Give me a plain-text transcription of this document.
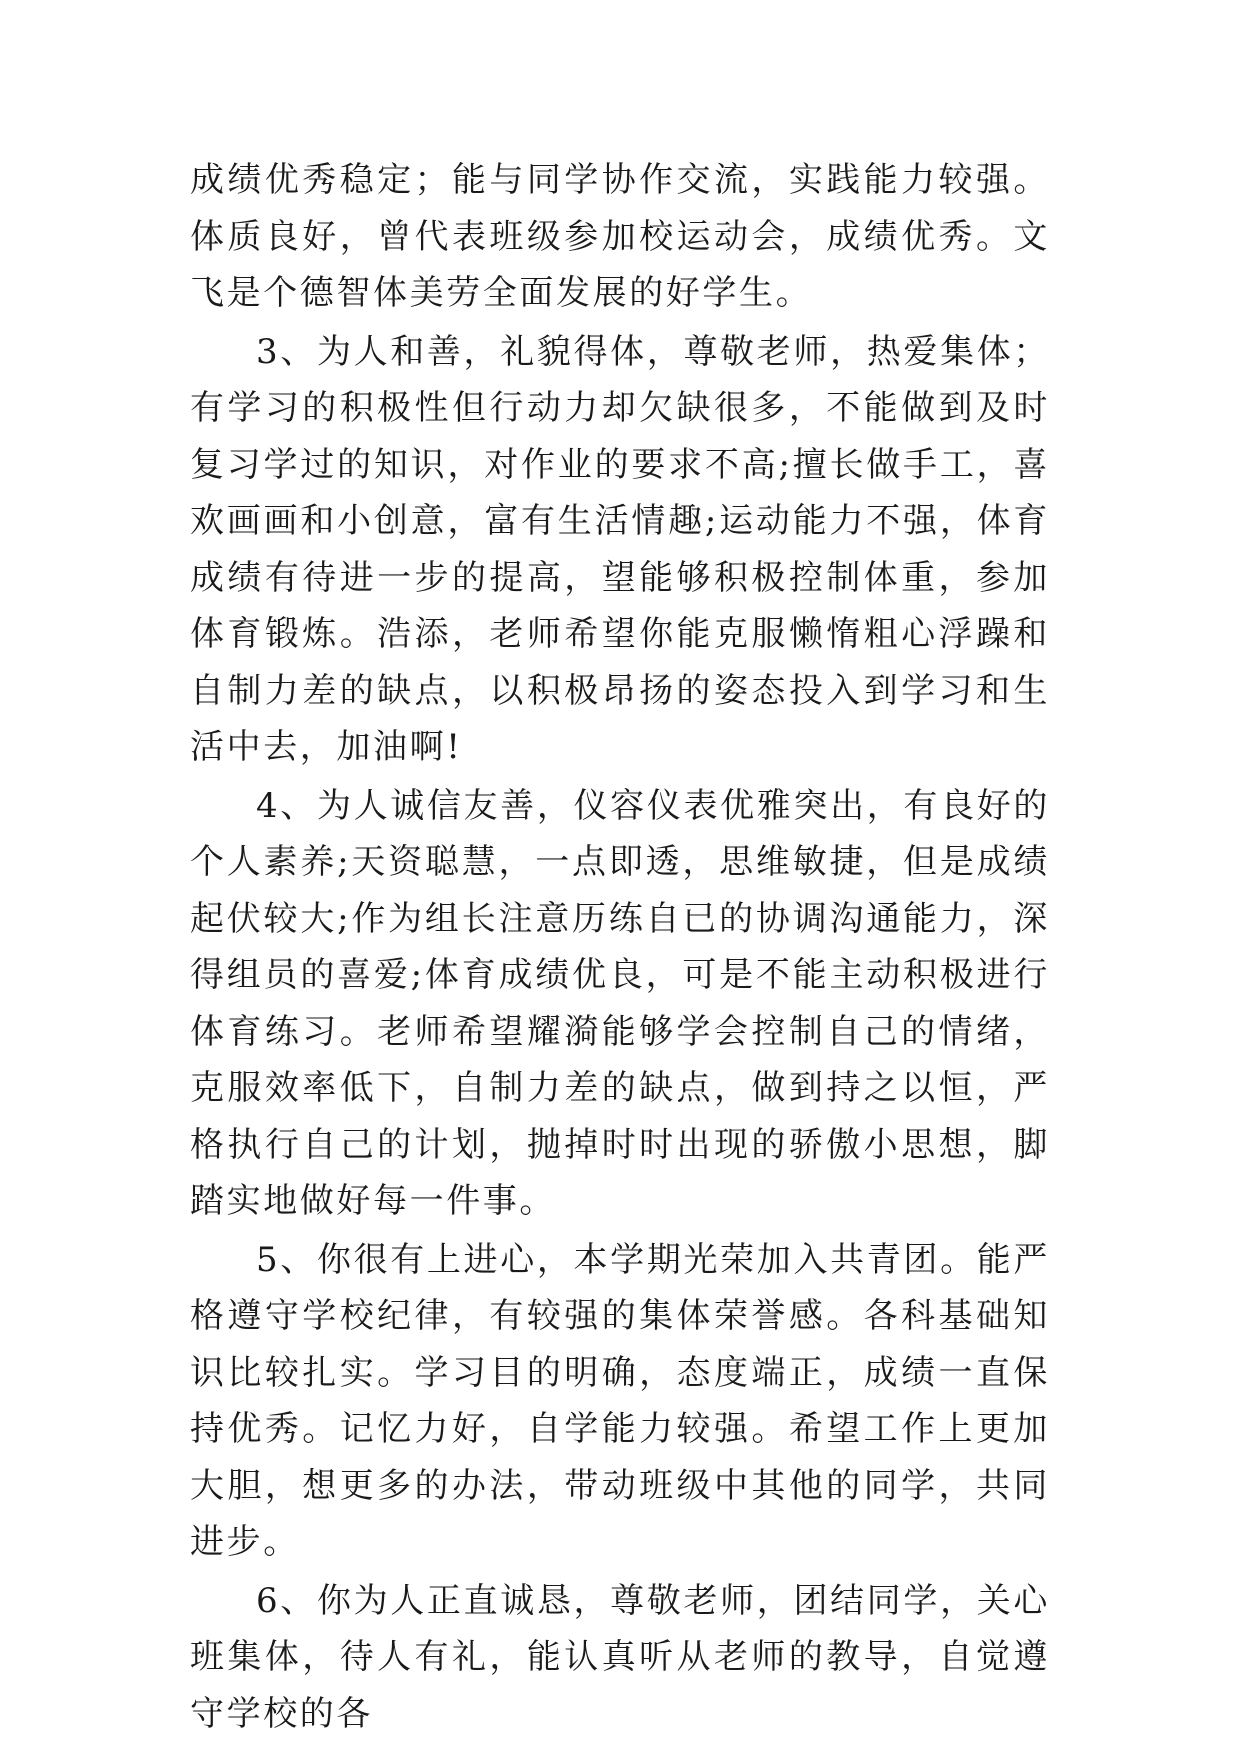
成绩优秀稳定；能与同学协作交流，实践能力较强。体质良好，曾代表班级参加校运动会，成绩优秀。文飞是个德智体美劳全面发展的好学生。

3、为人和善，礼貌得体，尊敬老师，热爱集体；有学习的积极性但行动力却欠缺很多，不能做到及时复习学过的知识，对作业的要求不高;擅长做手工，喜欢画画和小创意，富有生活情趣;运动能力不强，体育成绩有待进一步的提高，望能够积极控制体重，参加体育锻炼。浩添，老师希望你能克服懒惰粗心浮躁和自制力差的缺点，以积极昂扬的姿态投入到学习和生活中去，加油啊!

4、为人诚信友善，仪容仪表优雅突出，有良好的个人素养;天资聪慧，一点即透，思维敏捷，但是成绩起伏较大;作为组长注意历练自已的协调沟通能力，深得组员的喜爱;体育成绩优良，可是不能主动积极进行体育练习。老师希望耀漪能够学会控制自己的情绪，克服效率低下，自制力差的缺点，做到持之以恒，严格执行自己的计划，抛掉时时出现的骄傲小思想，脚踏实地做好每一件事。

5、你很有上进心，本学期光荣加入共青团。能严格遵守学校纪律，有较强的集体荣誉感。各科基础知识比较扎实。学习目的明确，态度端正，成绩一直保持优秀。记忆力好，自学能力较强。希望工作上更加大胆，想更多的办法，带动班级中其他的同学，共同进步。

6、你为人正直诚恳，尊敬老师，团结同学，关心班集体，待人有礼，能认真听从老师的教导，自觉遵守学校的各
